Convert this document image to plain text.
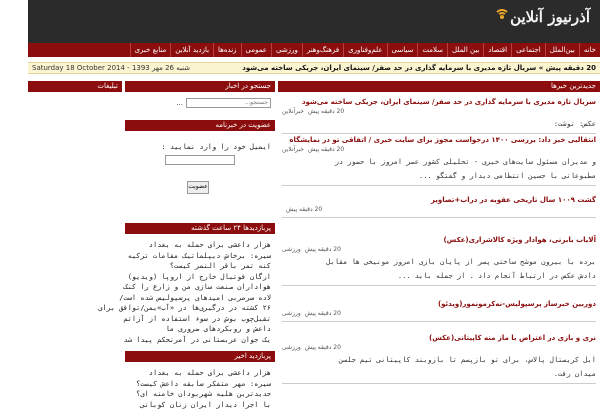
آذرنیوز آنلاین
خانه
بین‌الملل
اجتماعی
اقتصاد
بین الملل
سلامت
سیاسی
علم‌وفناوری
فرهنگ‌وهنر
ورزشی
عمومی
زنده‌ها
بازدید آنلاین
منابع خبری
Saturday 18 October 2014 - شنبه 26 مهر 1393	20 دقیقه پیش » سریال تازه مدیری با سرمایه گذاری در حد صفر/ سینمای ایران، جریکی ساخته می‌شود
تبلیغات	جستجو در اخبار
جستجو...
...
عضویت در خبرنامه
ایمیل خود را وارد نمایید :
عضویت
پربازدیدها ۲۴ ساعت گذشته
هزار داعشی برای حمله به بغداد
سیره: برخاش دیپلماتیک مقامات ترکیه
کنه تمر باقر النمر کیست؟
ارگان فوتبال خارج از اروپا (ویدیو)
هواداران صنعت سازی من و زارع را کنک
لاده سرمربی امیدهای پرسپولیس شده است/
۲۶ کشته در درگیری‌ها در «آب»‌یمن/توافق برای
تقبل‌چوب بوش در سوء استفاده از آزاتم
داعش و روبکردهای ضروری ما
یک جوان عربستانی در آمرتحکم پیدا شد
پربازدید اخیر
هزار داعشی برای حمله به بغداد
سیره: مهر متفکر سابقه داعش کیست؟
جدیدترین هلیه شهربودان خامنه ای؟
با اجرا دیدار ایران زنان کوبانی
جدیدترین خبرها
سریال تازه مدیری با سرمایه گذاری در حد صفر/ سینمای ایران، جریکی ساخته می‌شود
خبرآنلاین 20 دقیقه پیش
عکس: توشت:
انتقالیی خبر داد: بررسی ۱۴۰۰ درخواست مجوز برای سایت خبری / اتفاقی تو در نمایشگاه
خبرآنلاین 20 دقیقه پیش
و مدیران مسئول سایت‌های خبری - تحلیلی کشور عصر امروز با حضور در
مطبوعاتی با حسین انتظامی دیدار و گفتگو ...
گشت ۱۰۰۹ سال تاریخی عقوبه در دراب+تصاویر
20 دقیقه پیش
آلایاب بابرتی، هوادار ویژه کالاشراری(عکس)
ورزشی 20 دقیقه پیش
برده با بیرون موشح ساختی پسر از پایان بازی امروز مونیخی ها مقابل
دادش عکس در ارتباط آنجام داد . از جمله باید ...
دوربین خبرساز پرسپولیس-نه‌کرمونمور(ویدئو)
ورزشی 20 دقیقه پیش
نری و بازی در اعتراض با ماز منه کاپیتانی(عکس)
ورزشی 20 دقیقه پیش
ابل کریستال پالاس، برای تو بازپسم تا بازوبند کاپیتانی تیم جلسن
میدان رفت.
